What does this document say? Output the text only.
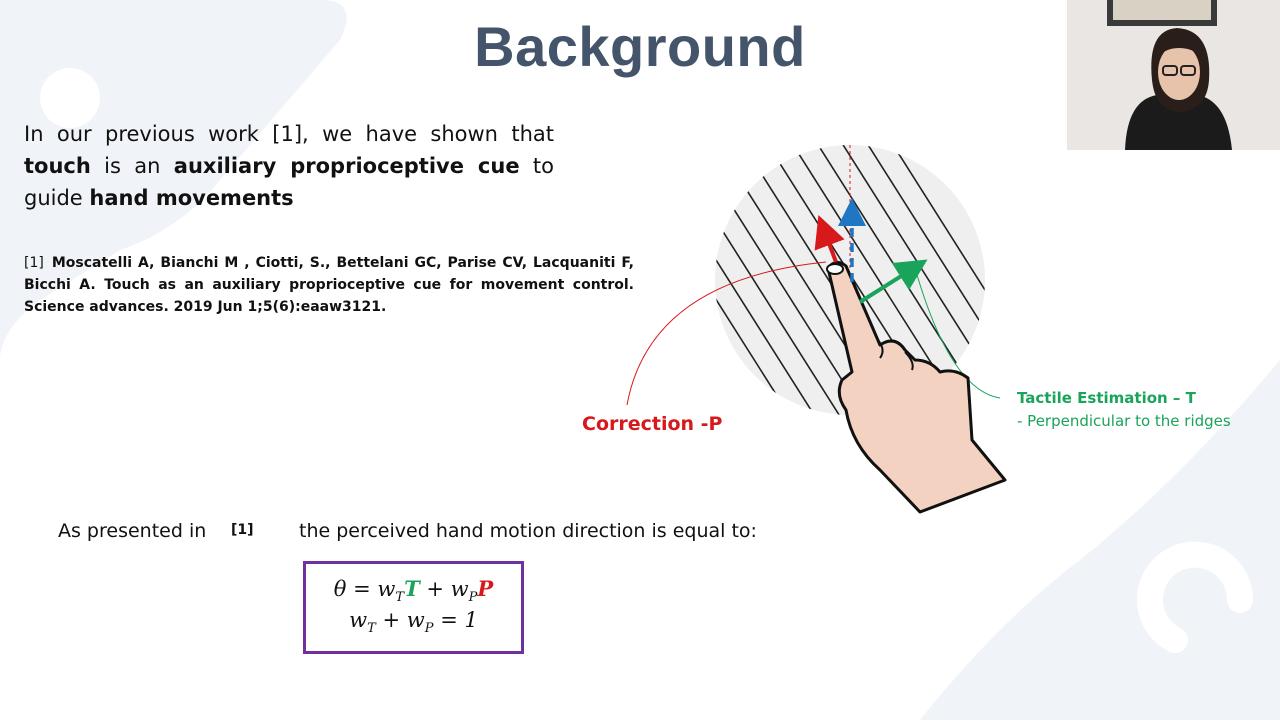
Background
In our previous work [1], we have shown that touch is an auxiliary proprioceptive cue to guide hand movements
[1] Moscatelli A, Bianchi M , Ciotti, S., Bettelani GC, Parise CV, Lacquaniti F, Bicchi A. Touch as an auxiliary proprioceptive cue for movement control. Science advances. 2019 Jun 1;5(6):eaaw3121.
Correction -P
Tactile Estimation – T
- Perpendicular to the ridges
As presented in [1] the perceived hand motion direction is equal to:
$\theta = w_TT + w_PP$
$w_T + w_P = 1$
